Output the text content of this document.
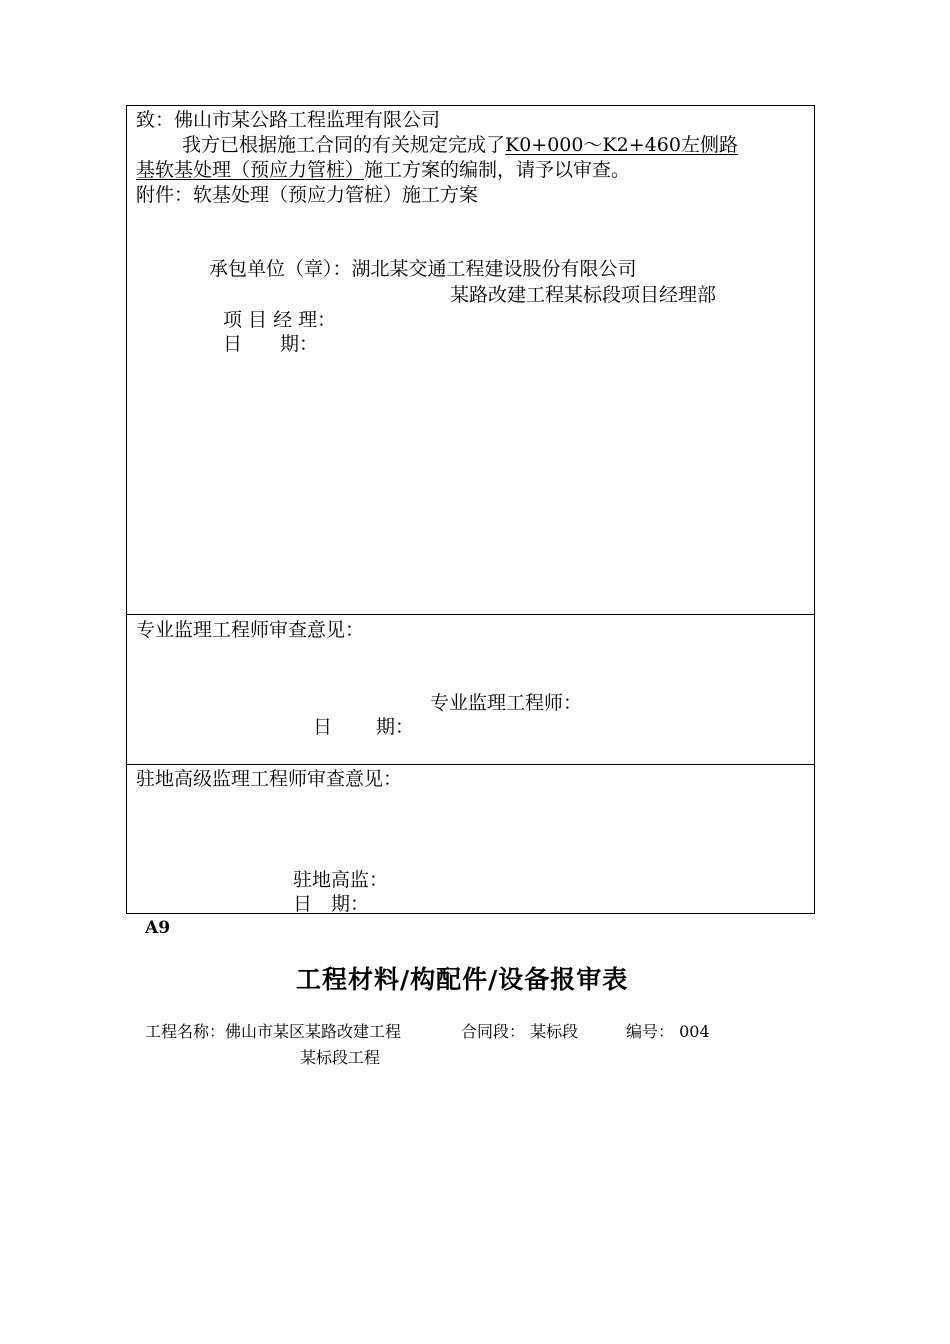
致：佛山市某公路工程监理有限公司
我方已根据施工合同的有关规定完成了K0+000～K2+460左侧路
基软基处理（预应力管桩）施工方案的编制，请予以审查。
附件：软基处理（预应力管桩）施工方案
承包单位（章）：湖北某交通工程建设股份有限公司
某路改建工程某标段项目经理部
项 目 经 理：
日　　期：
专业监理工程师审查意见：
专业监理工程师：
日　　 期：
驻地高级监理工程师审查意见：
驻地高监：
日　期：
A9
工程材料/构配件/设备报审表
工程名称：佛山市某区某路改建工程	合同段： 某标段	编号： 004
某标段工程
